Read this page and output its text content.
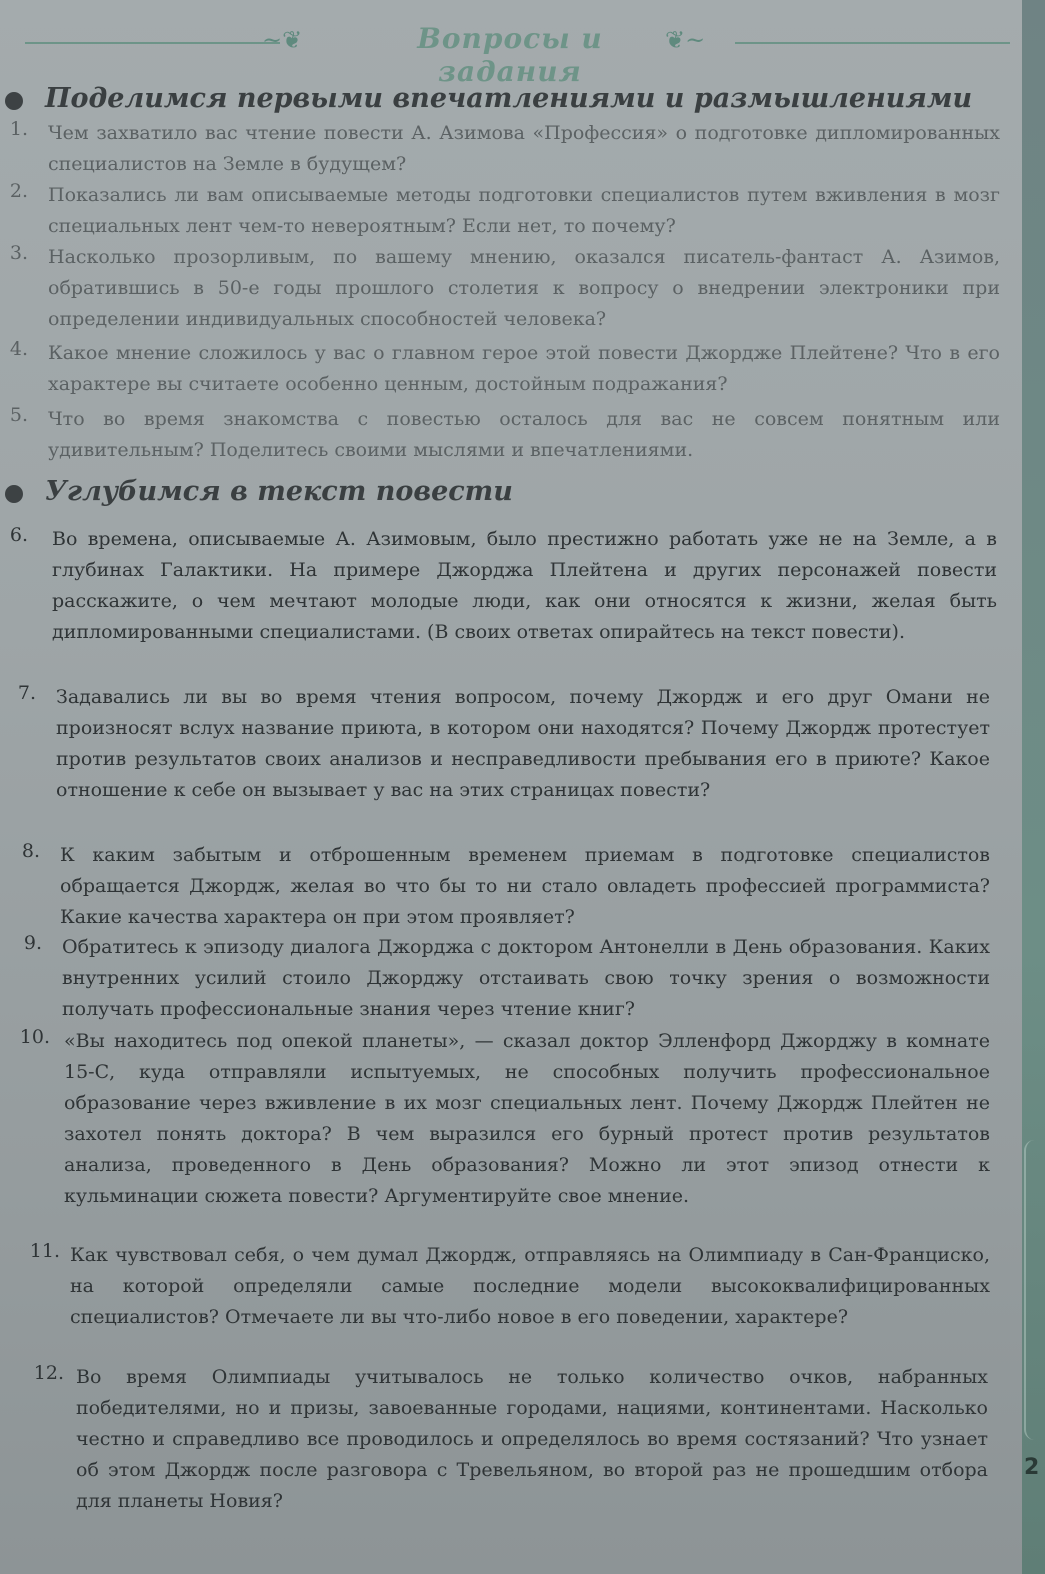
~❦	Вопросы и задания
❦~
Поделимся первыми впечатлениями и размышлениями
1. Чем захватило вас чтение повести А. Азимова «Профессия» о подготовке дипломированных специалистов на Земле в будущем?
2. Показались ли вам описываемые методы подготовки специалистов путем вживления в мозг специальных лент чем-то невероятным? Если нет, то почему?
3. Насколько прозорливым, по вашему мнению, оказался писатель-фантаст А. Азимов, обратившись в 50-е годы прошлого столетия к вопросу о внедрении электроники при определении индивидуальных способностей человека?
4. Какое мнение сложилось у вас о главном герое этой повести Джордже Плейтене? Что в его характере вы считаете особенно ценным, достойным подражания?
5. Что во время знакомства с повестью осталось для вас не совсем понятным или удивительным? Поделитесь своими мыслями и впечатлениями.
Углубимся в текст повести
6. Во времена, описываемые А. Азимовым, было престижно работать уже не на Земле, а в глубинах Галактики. На примере Джорджа Плейтена и других персонажей повести расскажите, о чем мечтают молодые люди, как они относятся к жизни, желая быть дипломированными специалистами. (В своих ответах опирайтесь на текст повести).
7. Задавались ли вы во время чтения вопросом, почему Джордж и его друг Омани не произносят вслух название приюта, в котором они находятся? Почему Джордж протестует против результатов своих анализов и несправедливости пребывания его в приюте? Какое отношение к себе он вызывает у вас на этих страницах повести?
8. К каким забытым и отброшенным временем приемам в подготовке специалистов обращается Джордж, желая во что бы то ни стало овладеть профессией программиста? Какие качества характера он при этом проявляет?
9. Обратитесь к эпизоду диалога Джорджа с доктором Антонелли в День образования. Каких внутренних усилий стоило Джорджу отстаивать свою точку зрения о возможности получать профессиональные знания через чтение книг?
10. «Вы находитесь под опекой планеты», — сказал доктор Элленфорд Джорджу в комнате 15-С, куда отправляли испытуемых, не способных получить профессиональное образование через вживление в их мозг специальных лент. Почему Джордж Плейтен не захотел понять доктора? В чем выразился его бурный протест против результатов анализа, проведенного в День образования? Можно ли этот эпизод отнести к кульминации сюжета повести? Аргументируйте свое мнение.
11. Как чувствовал себя, о чем думал Джордж, отправляясь на Олимпиаду в Сан-Франциско, на которой определяли самые последние модели высококвалифицированных специалистов? Отмечаете ли вы что-либо новое в его поведении, характере?
12. Во время Олимпиады учитывалось не только количество очков, набранных победителями, но и призы, завоеванные городами, нациями, континентами. Насколько честно и справедливо все проводилось и определялось во время состязаний? Что узнает об этом Джордж после разговора с Тревельяном, во второй раз не прошедшим отбора для планеты Новия?
2
